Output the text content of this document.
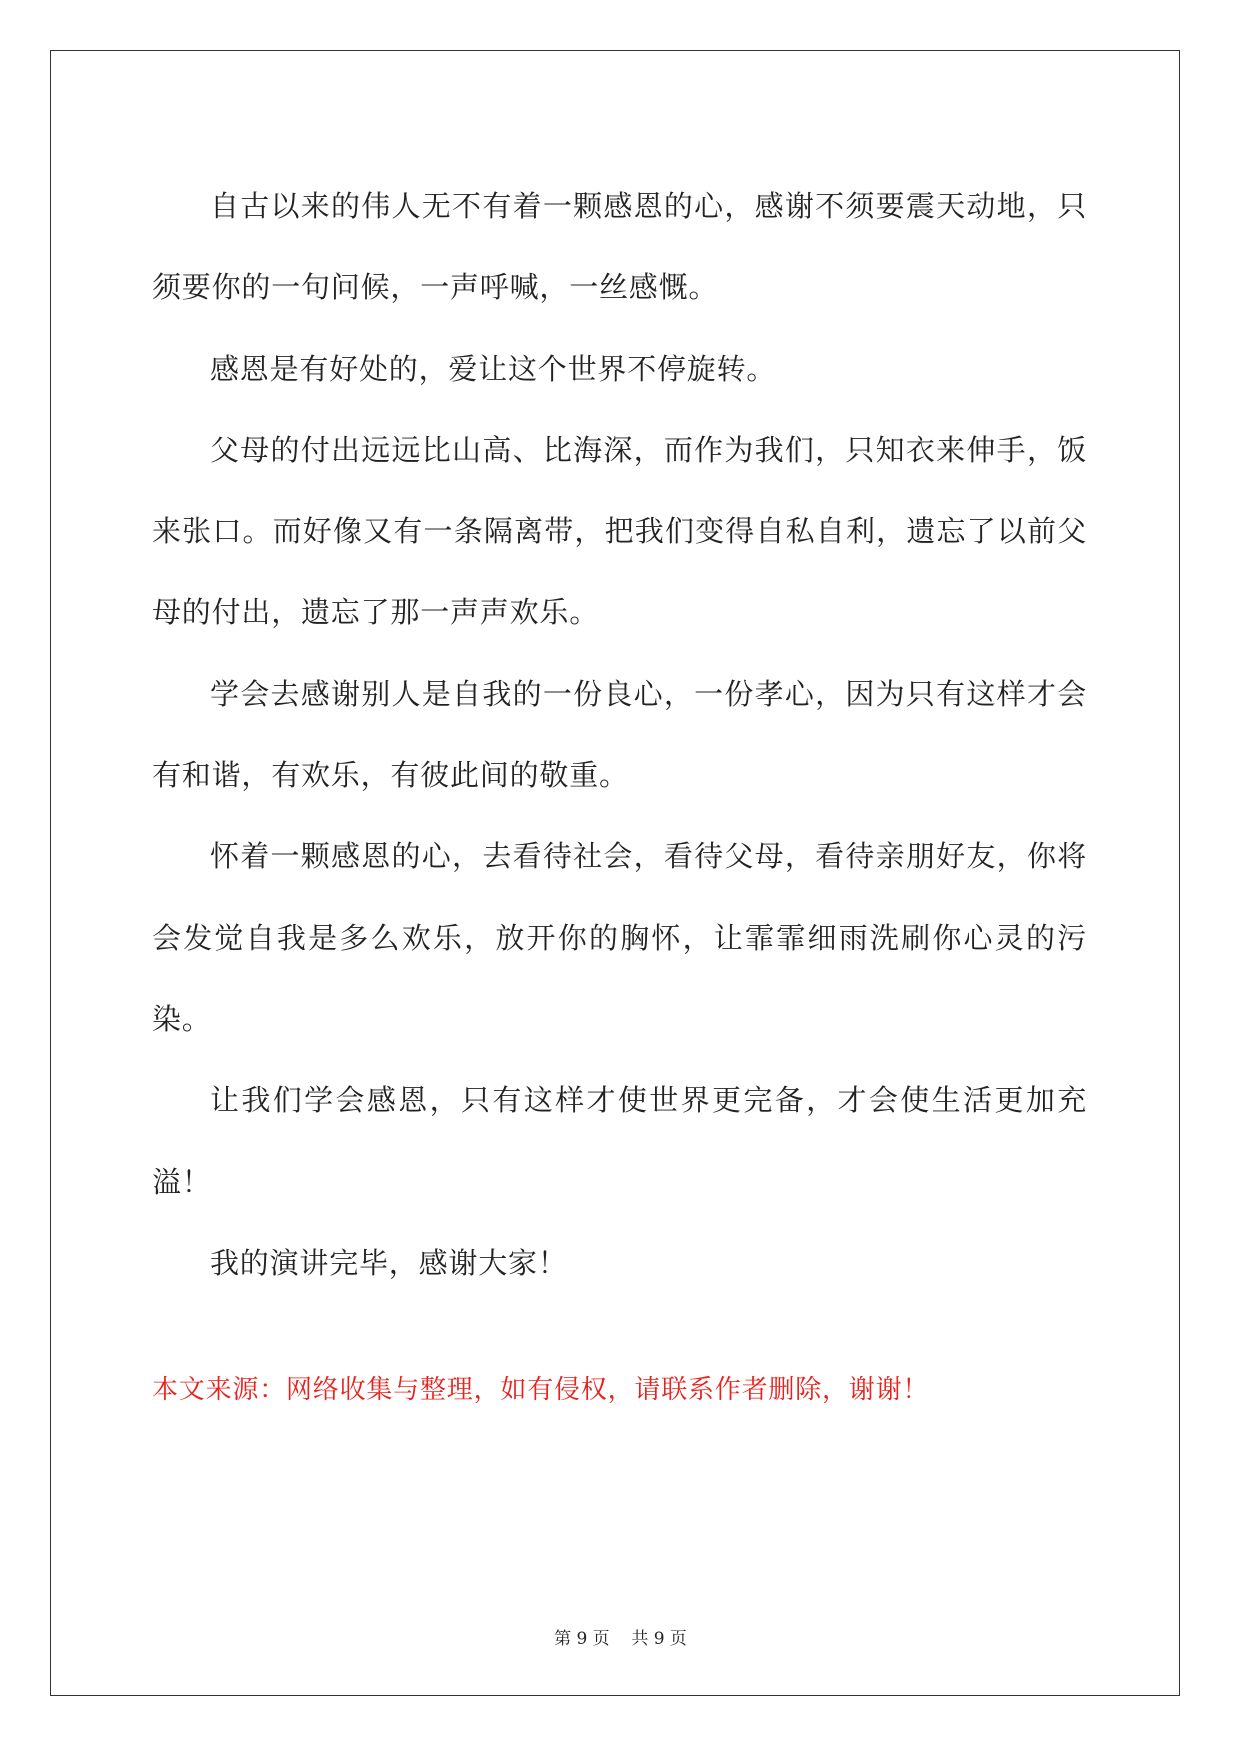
自古以来的伟人无不有着一颗感恩的心，感谢不须要震天动地，只须要你的一句问候，一声呼喊，一丝感慨。

感恩是有好处的，爱让这个世界不停旋转。

父母的付出远远比山高、比海深，而作为我们，只知衣来伸手，饭来张口。而好像又有一条隔离带，把我们变得自私自利，遗忘了以前父母的付出，遗忘了那一声声欢乐。

学会去感谢别人是自我的一份良心，一份孝心，因为只有这样才会有和谐，有欢乐，有彼此间的敬重。

怀着一颗感恩的心，去看待社会，看待父母，看待亲朋好友，你将会发觉自我是多么欢乐，放开你的胸怀，让霏霏细雨洗刷你心灵的污染。

让我们学会感恩，只有这样才使世界更完备，才会使生活更加充溢！

我的演讲完毕，感谢大家！

本文来源：网络收集与整理，如有侵权，请联系作者删除，谢谢！

第 9 页 共 9 页
